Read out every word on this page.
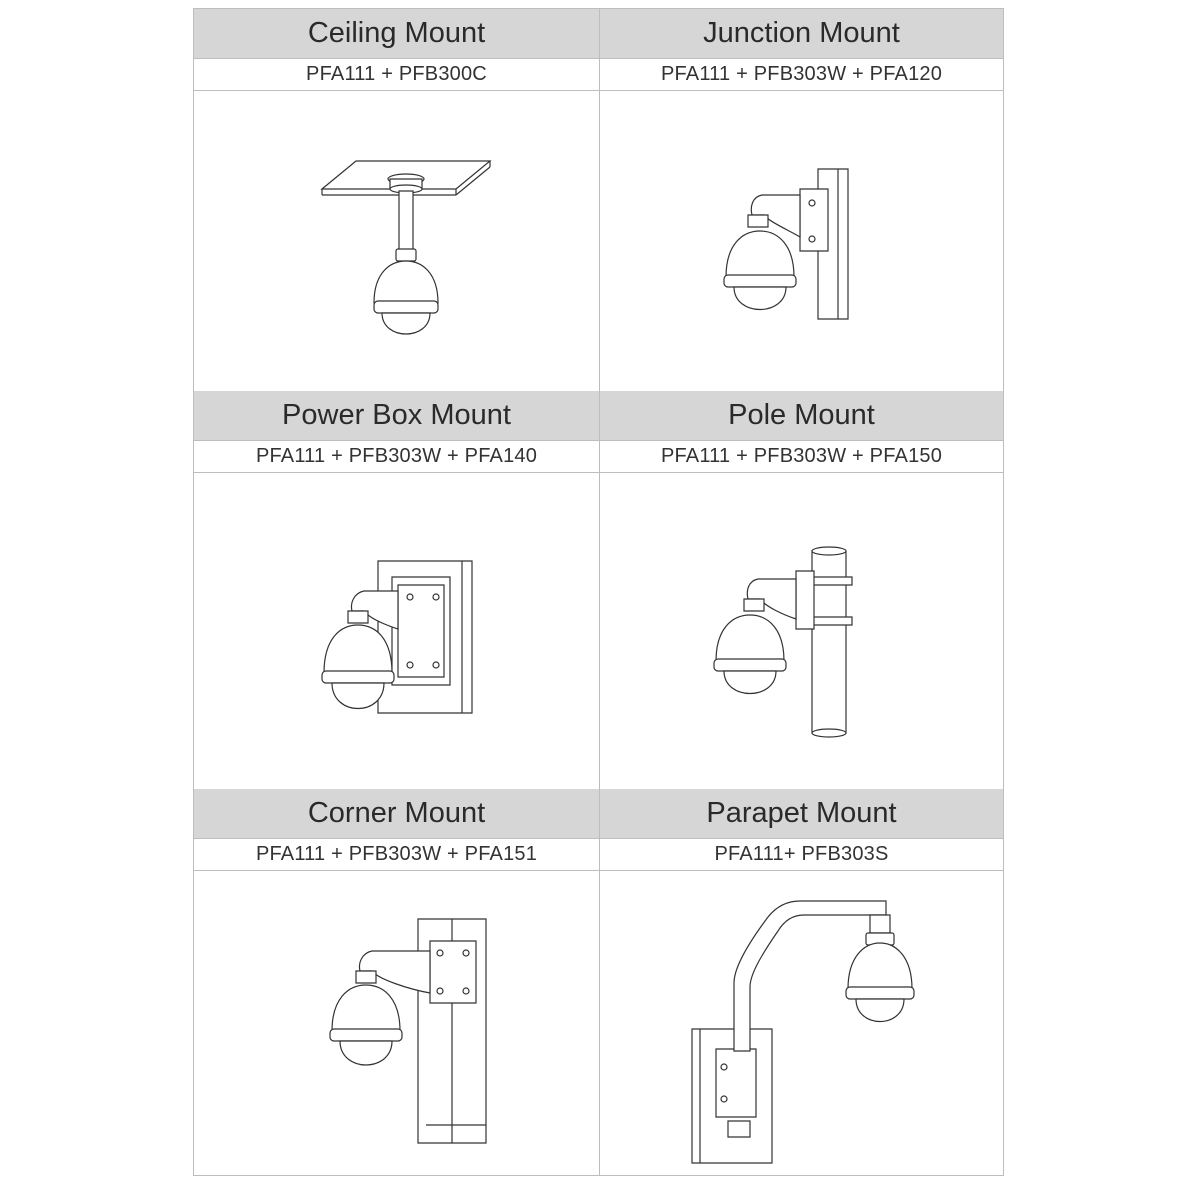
Ceiling Mount	Junction Mount
PFA111 + PFB300C	PFA111 + PFB303W + PFA120
Power Box Mount	Pole Mount
PFA111 + PFB303W + PFA140	PFA111 + PFB303W + PFA150
Corner Mount	Parapet Mount
PFA111 + PFB303W + PFA151	PFA111+ PFB303S
